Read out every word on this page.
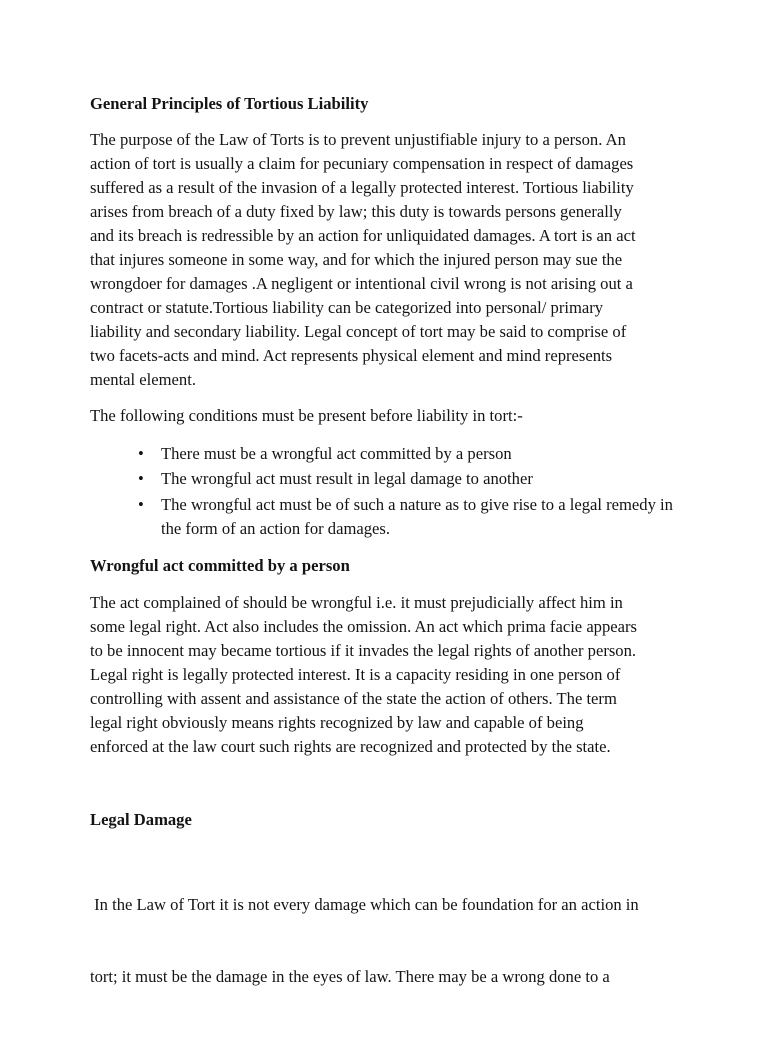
General Principles of Tortious Liability
The purpose of the Law of Torts is to prevent unjustifiable injury to a person. An
action of tort is usually a claim for pecuniary compensation in respect of damages
suffered as a result of the invasion of a legally protected interest. Tortious liability
arises from breach of a duty fixed by law; this duty is towards persons generally
and its breach is redressible by an action for unliquidated damages. A tort is an act
that injures someone in some way, and for which the injured person may sue the
wrongdoer for damages .A negligent or intentional civil wrong is not arising out a
contract or statute.Tortious liability can be categorized into personal/ primary
liability and secondary liability. Legal concept of tort may be said to comprise of
two facets-acts and mind. Act represents physical element and mind represents
mental element.
The following conditions must be present before liability in tort:-
• There must be a wrongful act committed by a person
• The wrongful act must result in legal damage to another
• The wrongful act must be of such a nature as to give rise to a legal remedy in the form of an action for damages.
Wrongful act committed by a person
The act complained of should be wrongful i.e. it must prejudicially affect him in
some legal right. Act also includes the omission. An act which prima facie appears
to be innocent may became tortious if it invades the legal rights of another person.
Legal right is legally protected interest. It is a capacity residing in one person of
controlling with assent and assistance of the state the action of others. The term
legal right obviously means rights recognized by law and capable of being
enforced at the law court such rights are recognized and protected by the state.
Legal Damage

In the Law of Tort it is not every damage which can be foundation for an action in

tort; it must be the damage in the eyes of law. There may be a wrong done to a
